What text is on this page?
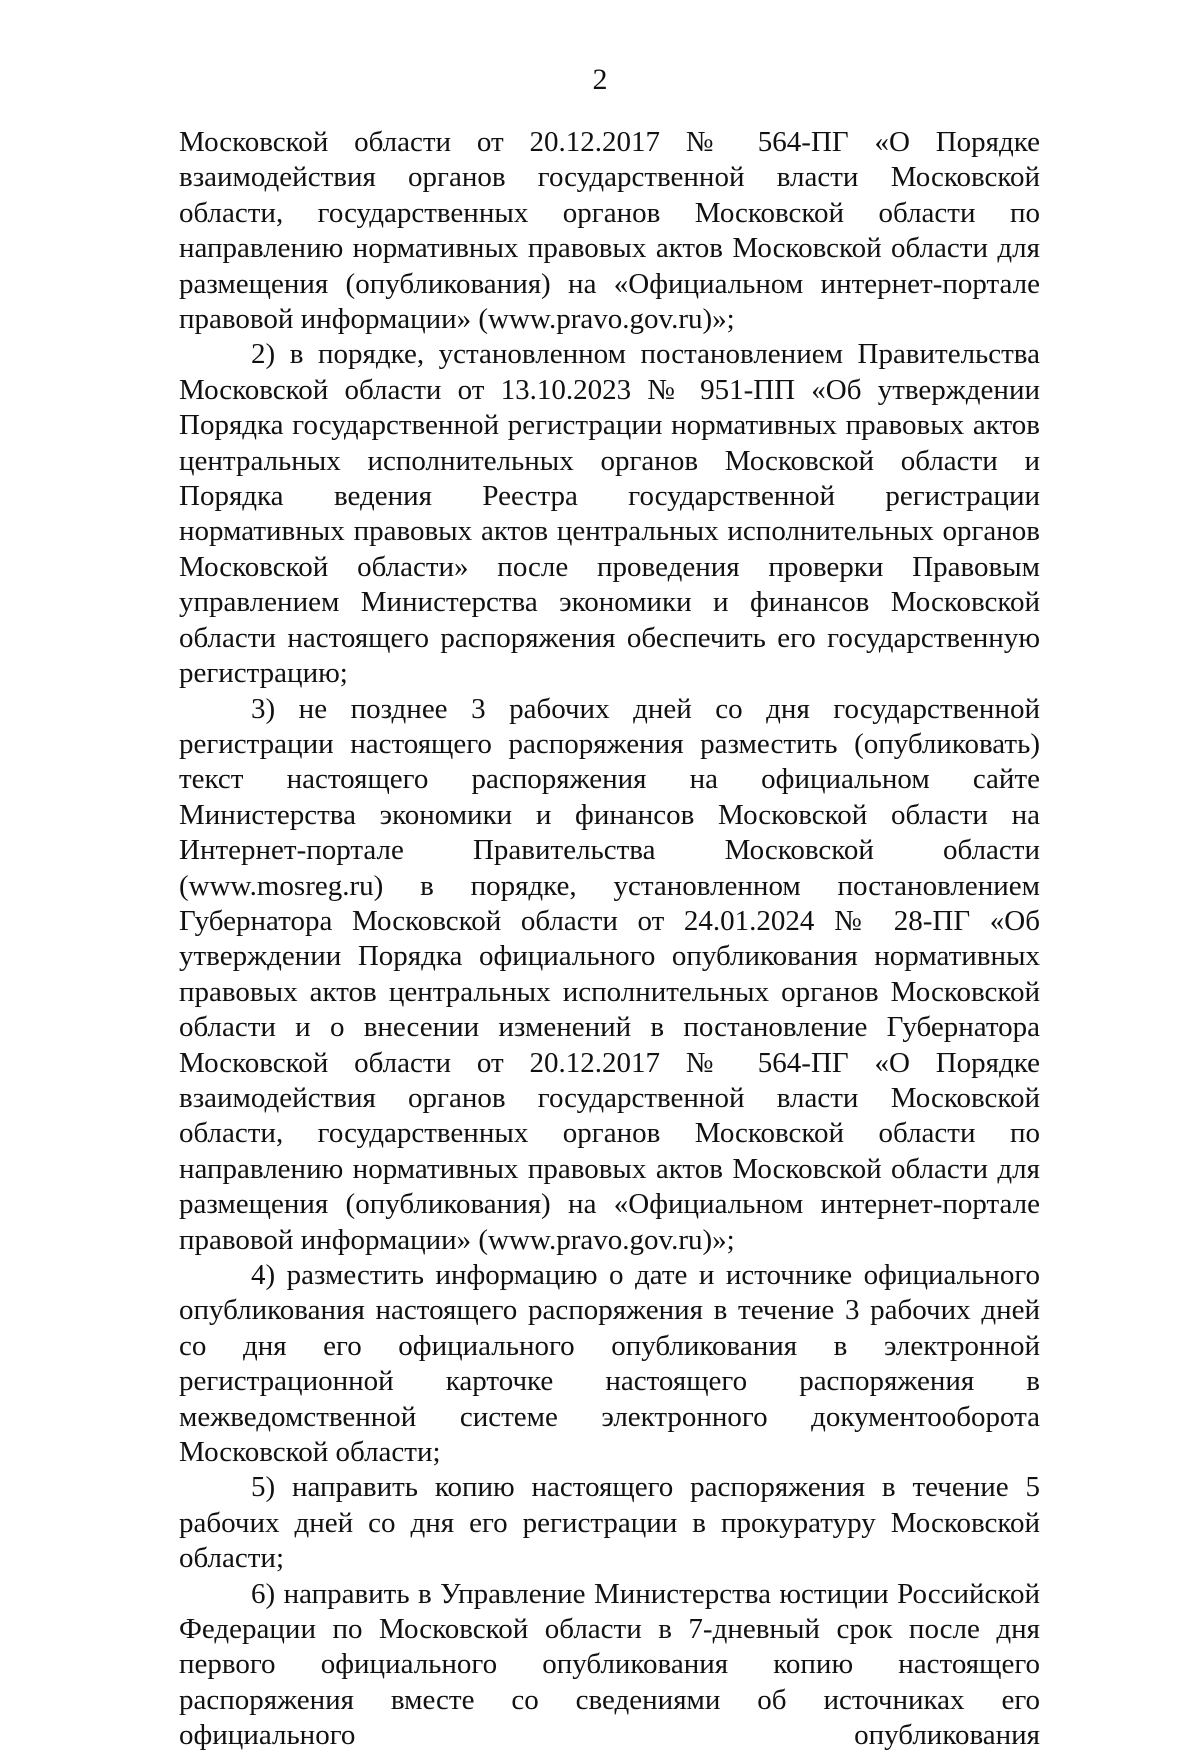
2

Московской области от 20.12.2017 № 564-ПГ «О Порядке взаимодействия органов государственной власти Московской области, государственных органов Московской области по направлению нормативных правовых актов Московской области для размещения (опубликования) на «Официальном интернет-портале правовой информации» (www.pravo.gov.ru)»;

2) в порядке, установленном постановлением Правительства Московской области от 13.10.2023 № 951-ПП «Об утверждении Порядка государственной регистрации нормативных правовых актов центральных исполнительных органов Московской области и Порядка ведения Реестра государственной регистрации нормативных правовых актов центральных исполнительных органов Московской области» после проведения проверки Правовым управлением Министерства экономики и финансов Московской области настоящего распоряжения обеспечить его государственную регистрацию;

3) не позднее 3 рабочих дней со дня государственной регистрации настоящего распоряжения разместить (опубликовать) текст настоящего распоряжения на официальном сайте Министерства экономики и финансов Московской области на Интернет-портале Правительства Московской области (www.mosreg.ru) в порядке, установленном постановлением Губернатора Московской области от 24.01.2024 № 28-ПГ «Об утверждении Порядка официального опубликования нормативных правовых актов центральных исполнительных органов Московской области и о внесении изменений в постановление Губернатора Московской области от 20.12.2017 № 564-ПГ «О Порядке взаимодействия органов государственной власти Московской области, государственных органов Московской области по направлению нормативных правовых актов Московской области для размещения (опубликования) на «Официальном интернет-портале правовой информации» (www.pravo.gov.ru)»;

4) разместить информацию о дате и источнике официального опубликования настоящего распоряжения в течение 3 рабочих дней со дня его официального опубликования в электронной регистрационной карточке настоящего распоряжения в межведомственной системе электронного документооборота Московской области;

5) направить копию настоящего распоряжения в течение 5 рабочих дней со дня его регистрации в прокуратуру Московской области;

6) направить в Управление Министерства юстиции Российской Федерации по Московской области в 7-дневный срок после дня первого официального опубликования копию настоящего распоряжения вместе со сведениями об источниках его официального опубликования
